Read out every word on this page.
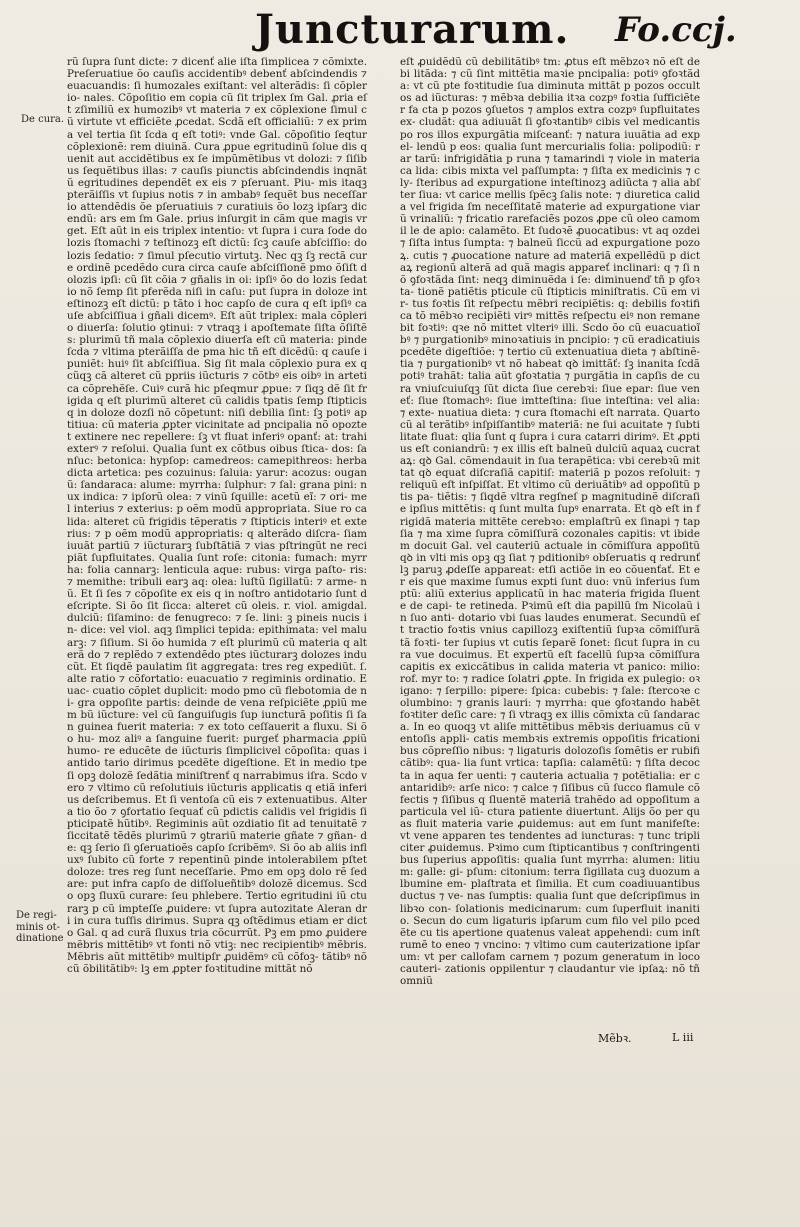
Juncturarum. Fo.ccj.
De cura.
De regi‑
minis ot‑
dinatione

rũ ſupra ſunt dicte: ⁊ dicenť alie iſta ſimplicea ⁊ cõmixte. Preſeruatiue õo cauſis accidentibꝰ debenť abſcindendis ⁊ euacuandis: ſi humozales exiſtant: vel alterãdis: ſi cõplerio‑ nales. Cõpoſitio em copia cũ ſit triplex ſm Gal. ꝓria eſt zſimiliũ ex humozibꝰ vt materia ⁊ ex cõplexione ſimul cũ virtute vt efficiẽte ꝓcedat. Scdã eſt officialiũ: ⁊ ex prima vel tertia ſit ſcda q eſt totiꝰ: vnde Gal. cõpoſitio ſeqtur cõplexionẽ: rem diuinã. Cura ꝓpue egritudinũ ſolue dis quenit aut accidẽtibus ex ſe impũmẽtibus vt dolozi: ⁊ ſiſibus ſequẽtibus illas: ⁊ cauſis piunctis abſcindendis inqnãtũ egritudines dependẽt ex eis ⁊ pſeruant. Piu‑ mis itaqꝫ pterãiſſis vt ſupius notis ⁊ in ambabꝰ ſequẽt bus neceſſario attendẽdis õe pſeruatiuis ⁊ curatiuis õo lozꝫ ipſarꝫ dicendũ: ars em ſm Gale. prius inſurgit in cãm que magis vrget. Eſt aũt in eis triplex intentio: vt ſupra i cura ſode dolozis ſtomachi ⁊ teſtinozꝫ eſt dictũ: ſcꝫ cauſe abſciſſio: dolozis ſedatio: ⁊ ſimul pſecutio virtutꝫ. Nec qꝫ ſꝫ rectã cure ordinẽ pcedẽdo cura circa cauſe abſciſſionẽ pmo õſiſt dolozis ipſi: cũ ſit cõia ⁊ gñalis in oi: ipſiꝰ õo do lozis ſedatio nõ ſemp ſit pferẽda niſi in caſu: put ſupra in doloze inteſtinozꝫ eſt dictũ: p tãto i hoc capſo de cura q eſt ipſiꝰ cauſe abſciſſiua i gñali dicemꝰ. Eſt aũt triplex: mala cõplerio diuerſa: ſolutio ꝯtinui: ⁊ vtraqꝫ i apoſtemate ſiſta õſiſtẽs: plurimũ tñ mala cõplexio diuerſa eſt cũ materia: pinde ſcda ⁊ vltima pterãiſſa de pma hic tñ eſt dicẽdũ: q cauſe ipuniẽt: huiꝰ ſit abſciſſiua. Sig ſit mala cõplexio pura ex qcũqꝫ cã alteret cũ ppriis iũcturis ⁊ cõtbꝰ eis oibꝰ in artetica cõprehẽſe. Cuiꝰ curã hic pſeqmur ꝓpue: ⁊ ſiqꝫ dẽ ſit frigida q eſt plurimũ alteret cũ calidis tpatis ſemp ſtipticis q in doloze dozſi nõ cõpetunt: niſi debilia ſint: ſꝫ potiꝰ aptitiua: cũ materia ꝓpter vicinitate ad pncipalia nõ opoztet extinere nec repellere: ſꝫ vt fluat inferiꝰ opanť: at: trahi exterꝰ ⁊ reſolui. Qualia ſunt ex cõtbus oibus ſtica‑ dos: ſanſuc: betonica: hypſop: camedreos: camepithreos: herba dicta artetica: pes cozuinus: ſaluia: yarur: acozus: ouganũ: ſandaraca: alume: myrrha: ſulphur: ⁊ ſal: grana pini: nux indica: ⁊ ipſorũ olea: ⁊ vinũ ſquille: acetũ eĩ: ⁊ ori‑ mel interius ⁊ exterius: p oẽm modũ appropriata. Siue ro calida: alteret cũ frigidis tẽperatis ⁊ ſtipticis interiꝰ et exterius: ⁊ p oẽm modũ appropriatis: q alterãdo diſcra‑ ſiam iuuãt partiũ ⁊ iũcturarꝫ ſubſtãtiã ⁊ vias pſtringũt ne recipiãt ſupfluitates. Qualia ſunt roſe: citonia: fumach: myrrha: folia cannarꝫ: lenticula aque: rubus: virga paſto‑ ris: ⁊ memithe: tribuli earꝫ aq: olea: luſtũ ſigillatũ: ⁊ arme‑ nũ. Et ſi ſes ⁊ cõpoſite ex eis q in noſtro antidotario ſunt deſcripte. Si õo ſit ſicca: alteret cũ oleis. r. viol. amigdal. dulciũ: ſiſamino: de fenugreco: ⁊ ſe. lini: ꝫ pineis nucis in‑ dice: vel viol. aqꝫ ſimplici tepida: epithimata: vel maluarꝫ: ⁊ ſiſium. Si õo humida ⁊ eſt plurimũ cũ materia q alterã do ⁊ replẽdo ⁊ extendẽdo ptes iũcturarꝫ dolozes inducũt. Et ſiqdẽ paulatim ſit aggregata: tres reg expediũt. ſ. alte ratio ⁊ cõfortatio: euacuatio ⁊ regiminis ordinatio. Euac‑ cuatio cõplet duplicit: modo pmo cũ flebotomia de ni‑ gra oppoſite partis: deinde de vena reſpiciẽte ꝓpiũ mem bũ iũcture: vel cũ ſanguiſugis ſup iuncturã poſitis ſi ſan guinea fuerit materia: ⁊ ex toto ceſſauerit a fluxu. Si õo hu‑ moz aliꝰ a ſanguine fuerit: purgeť pharmacia ꝓpiũ humo‑ re educẽte de iũcturis ſimplicivel cõpoſita: quas i antido tario dirimus pcedẽte digeſtione. Et in medio tpe ſi opꝫ dolozẽ ſedãtia miniſtrenť q narrabimus iſra. Scdo vero ⁊ vltimo cũ reſolutiuis iũcturis applicatis q etiã inferius deſcribemus. Et ſi ventoſa cũ eis ⁊ extenuatibus. Altera tio õo ⁊ ꝯfortatio ſequať cũ pdictis calidis vel frigidis ſi pticipatẽ hũtibꝰ. Regiminis aũt ozdiatio ſit ad tenuitatẽ ⁊ ſiccitatẽ tẽdẽs plurimũ ⁊ ꝯtrariũ materie gñate ⁊ gñan‑ de: qꝫ ſerio ſi ꝯſeruatioẽs capſo ſcribẽmꝰ. Si õo ab aliis influxꝰ ſubito cũ forte ⁊ repentinũ pinde intolerabilem pſtet doloze: tres reg ſunt neceſſarie. Pmo em opꝫ dolo rẽ ſedare: put infra capſo de diſſolueñtibꝰ dolozẽ dicemus. Scdo opꝫ ſluxũ curare: ſeu phlebere. Tertio egritudini iũ cturarꝫ p cũ impteſſe ꝓuidere: vt ſupra autozitate Aleran dri in cura tuſſis dirimus. Supra qꝫ oſtẽdimus etiam er dicto Gal. q ad curã ſluxus tria cõcurrũt. Pꝫ em pmo ꝓuidere mẽbris mittẽtibꝰ vt fonti nõ vtiꝫ: nec recipientibꝰ mẽbris. Mẽbris aũt mittẽtibꝰ multipſr ꝓuidẽmꝰ cũ cõfoꝫ‑ tãtibꝰ nõ cũ õbilitãtibꝰ: lꝫ em ꝓpter foꝛtitudine mittãt nõ

eſt ꝓuidẽdũ cũ debilitãtibꝰ tm: ꝓtus eſt mẽbzoꝛ nõ eſt debi litãda: ⁊ cũ ſint mittẽtia maꝛie pncipalia: potiꝰ ꝯfoꝛtãda: vt cũ pte foꝛtitudie ſua diminuta mittãt p pozos occultos ad iũcturas: ⁊ mẽbꝛa debilia itꝛa cozpꝰ foꝛtia ſufficiẽter fa cta p pozos ꝯſuetos ⁊ amplos extra cozpꝰ ſupfluitates ex‑ cludãt: qua adiuuãt ſi ꝯfoꝛtantibꝰ cibis vel medicantis po ros illos expurgãtia miſceanť: ⁊ natura iuuãtia ad expel‑ lendũ p eos: qualia ſunt mercurialis folia: polipodiũ: rar tarũ: infrigidãtia p runa ⁊ tamarindi ⁊ viole in materia ca lida: cibis mixta vel paſſumpta: ⁊ ſiſta ex medicinis ⁊ cly‑ ſteribus ad expurgatione inteſtinozꝫ adiũcta ⁊ alia abſter ſiua: vt carice mellis ſpẽcꝫ ſalis note: ⁊ diuretica calida vel frigida ſm neceſſitatẽ materie ad expurgatione viarũ vrinaliũ: ⁊ fricatio rarefaciẽs pozos ꝓpe cũ oleo camomil le de apio: calamẽto. Et ſudoꝛẽ ꝓuocatibus: vt aq ozdei ⁊ ſiſta intus ſumpta: ⁊ balneũ ſiccũ ad expurgatione pozoꝝ. cutis ⁊ ꝓuocatione nature ad materiã expellẽdũ p dictaꝝ regionũ alterã ad quã magis appareť inclinari: q ⁊ ſi nõ ꝯfoꝛtãda ſint: neqꝫ diminuẽda i ſe: diminuenď tñ p ꝯfoꝛta‑ tionẽ patiẽtis pticule cũ ſtipticis miniſtratis. Cũ em vir‑ tus foꝛtis ſit reſpectu mẽbri recipiẽtis: q: debilis foꝛtifica tõ mẽbꝛo recipiẽti virꝰ mittẽs reſpectu eiꝰ non remanebit foꝛtiꝰ: qꝛe nõ mittet vlteriꝰ illi. Scdo õo cũ euacuatioĩbꝰ ⁊ purgationibꝰ minoꝛatiuis in pncipio: ⁊ cũ eradicatiuis pcedẽte digeſtiõe: ⁊ tertio cũ extenuatiua dieta ⁊ abſtinẽ‑ tia ⁊ purgationibꝰ vt nõ habeat qꝺ imittãť: ſꝫ inanita ſcdã potiꝰ trahãt: talia aũt ꝯfoꝛtatia ⁊ purgãtia in capſis de cu ra vniuſcuiuſqꝫ ſũt dicta ſiue cerebꝛi: ſiue epar: ſiue veneť: ſiue ſtomachꝰ: ſiue imtteſtina: ſiue inteſtina: vel alia: ⁊ exte‑ nuatiua dieta: ⁊ cura ſtomachi eſt narrata. Quarto cũ al terãtibꝰ inſpiſſantibꝰ materiã: ne ſui acuitate ⁊ ſubtilitate fluat: qlia ſunt q ſupra i cura catarri dirimꝰ. Et ꝓptius eſt coniandrũ: ⁊ ex illis eſt balneũ dulciũ aquaꝝ cucrataꝝ: qꝺ Gal. cõmendauit in ſua terapẽtica: vbi cerebꝛũ mittat qꝺ equat diſcraſiã capitiſ: materiã p pozos reſoluit: ⁊ reliquũ eſt inſpiſſat. Et vltimo cũ deriuãtibꝰ ad oppoſitũ ptis pa‑ tiẽtis: ⁊ ſiqdẽ vltra regſneſ p magnitudinẽ diſcraſie ipſius mittẽtis: q ſunt multa ſupꝰ enarrata. Et qꝺ eſt in frigidã materia mittẽte cerebꝛo: emplaſtrũ ex ſinapi ⁊ tapſia ⁊ ma xime ſupra cõmiſſurã cozonales capitis: vt ibidem docuit Gal. vel cauteriũ actuale in cõmiſſura appoſitũ qꝺ in vlti mis opꝫ qꝫ ſiat ⁊ pditionibꝰ obſeruatis q redrunť lꝫ paruꝫ ꝓdeſſe appareat: etſi actiõe in eo cõuenťať. Et er eis que maxime ſumus expti ſunt duo: vnũ inferius ſumptũ: aliũ exterius applicatũ in hac materia frigida ſluente de capi‑ te retineda. Pꝛimũ eſt dia papillũ ſm Nicolaũ in ſuo anti‑ dotario vbi ſuas laudes enumerat. Secundũ eſt tractio foꝛtis vnius capillozꝫ exiſtentiũ ſupꝛa cõmiſſurã tã foꝛti‑ ter ſupius vt cutis ſeparẽ ſonet: ſicut ſupra in cura vue docuimus. Et expertũ eſt facellũ ſupꝛa cõmiſſura capitis ex exiccãtibus in calida materia vt panico: milio: rof. myr to: ⁊ radice ſolatri ꝓpte. In frigida ex pulegio: oꝛigano: ⁊ ſerpillo: pipere: ſpica: cubebis: ⁊ ſale: ſtercoꝛe columbino: ⁊ granis lauri: ⁊ myrrha: que ꝯfoꝛtando habẽt foꝛtiter deſic care: ⁊ ſi vtraqꝫ ex illis cõmixta cũ ſandaraca. In eo quoqꝫ vt aliſe mittẽtibus mẽbꝛis deriuamus cũ ventoſis appli‑ catis membꝛis extremis oppoſitis fricationibus cõpreſſio nibus: ⁊ ligaturis dolozoſis ſomẽtis er rubificãtibꝰ: qua‑ lia ſunt vrtica: tapſia: calamẽtũ: ⁊ ſiſta decocta in aqua fer uenti: ⁊ cauteria actualia ⁊ potẽtialia: er cantaridibꝰ: arſe nico: ⁊ calce ⁊ ſiſibus cũ ſucco flamule cõfectis ⁊ ſiſibus q ſluentẽ materiã trahẽdo ad oppoſitum a particula vel iũ‑ ctura patiente diuertunt. Alijs õo per quas fluit materia varie ꝓuidemus: aut em ſunt manifeſte: vt vene apparen tes tendentes ad iuncturas: ⁊ tunc tripliciter ꝓuidemus. Pꝛimo cum ſtipticantibus ⁊ conſtringentibus ſuperius appoſitis: qualia ſunt myrrha: alumen: litium: galle: gi‑ pſum: citonium: terra ſigillata cuꝫ duozum albumine em‑ plaſtrata et ſimilia. Et cum coadiuuantibus ductus ⁊ ve‑ nas ſumptis: qualia ſunt que deſcripſimus in libꝛo con‑ ſolationis medicinarum: cum ſuperfluit inanitio. Secun do cum ligaturis ipſarum cum filo vel pilo pcedẽte cu tis apertione quatenus valeat apꝑehendi: cum inſtrumẽ to eneo ⁊ vncino: ⁊ vltimo cum cauterizatione ipſarum: vt per callofam carnem ⁊ pozum generatum in loco cauteri‑ zationis oppilentur ⁊ claudantur vie ipſaꝝ: nõ tñ omniũ

Mẽbꝛ.	L iii
